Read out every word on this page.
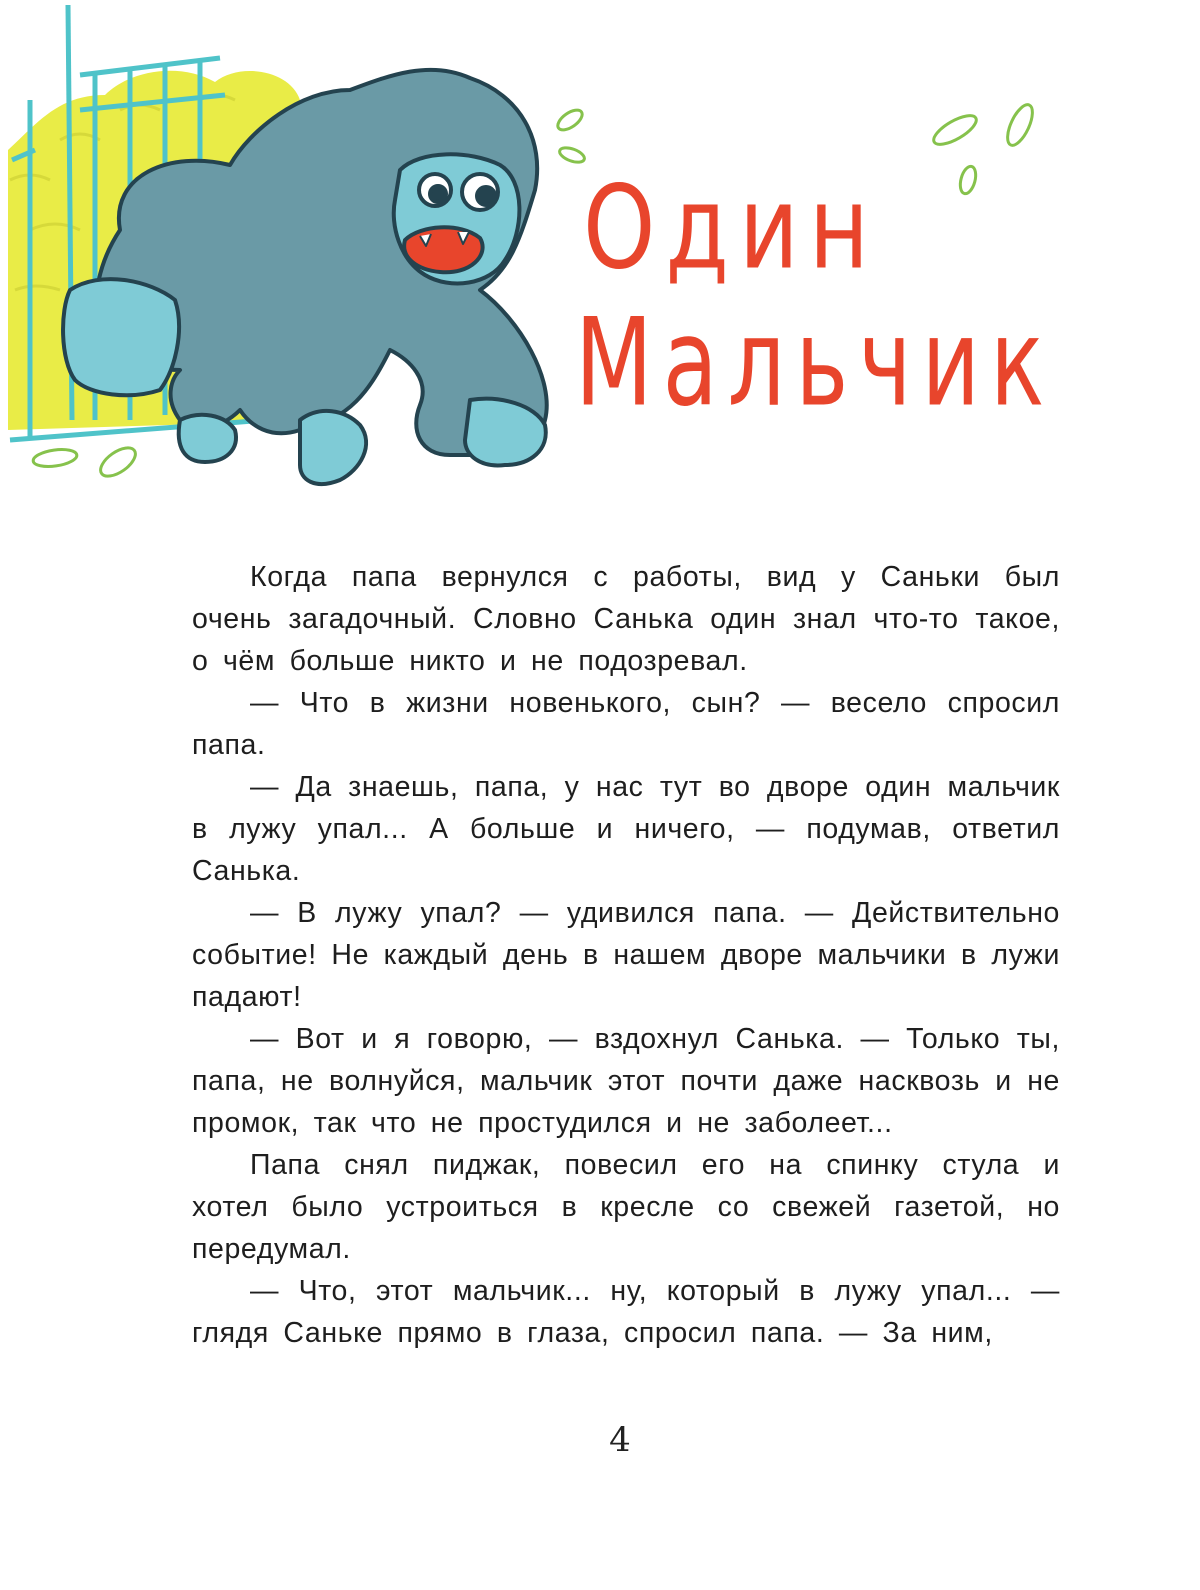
Один
Мальчик

Когда папа вернулся с работы, вид у Саньки был очень загадочный. Словно Санька один знал что-то такое, о чём больше никто и не подозревал.

— Что в жизни новенького, сын? — весело спросил папа.

— Да знаешь, папа, у нас тут во дворе один мальчик в лужу упал... А больше и ничего, — подумав, ответил Санька.

— В лужу упал? — удивился папа. — Действительно событие! Не каждый день в нашем дворе мальчики в лужи падают!

— Вот и я говорю, — вздохнул Санька. — Только ты, папа, не волнуйся, мальчик этот почти даже насквозь и не промок, так что не простудился и не заболеет...

Папа снял пиджак, повесил его на спинку стула и хотел было устроиться в кресле со свежей газетой, но передумал.

— Что, этот мальчик... ну, который в лужу упал... — глядя Саньке прямо в глаза, спросил папа. — За ним,

4
